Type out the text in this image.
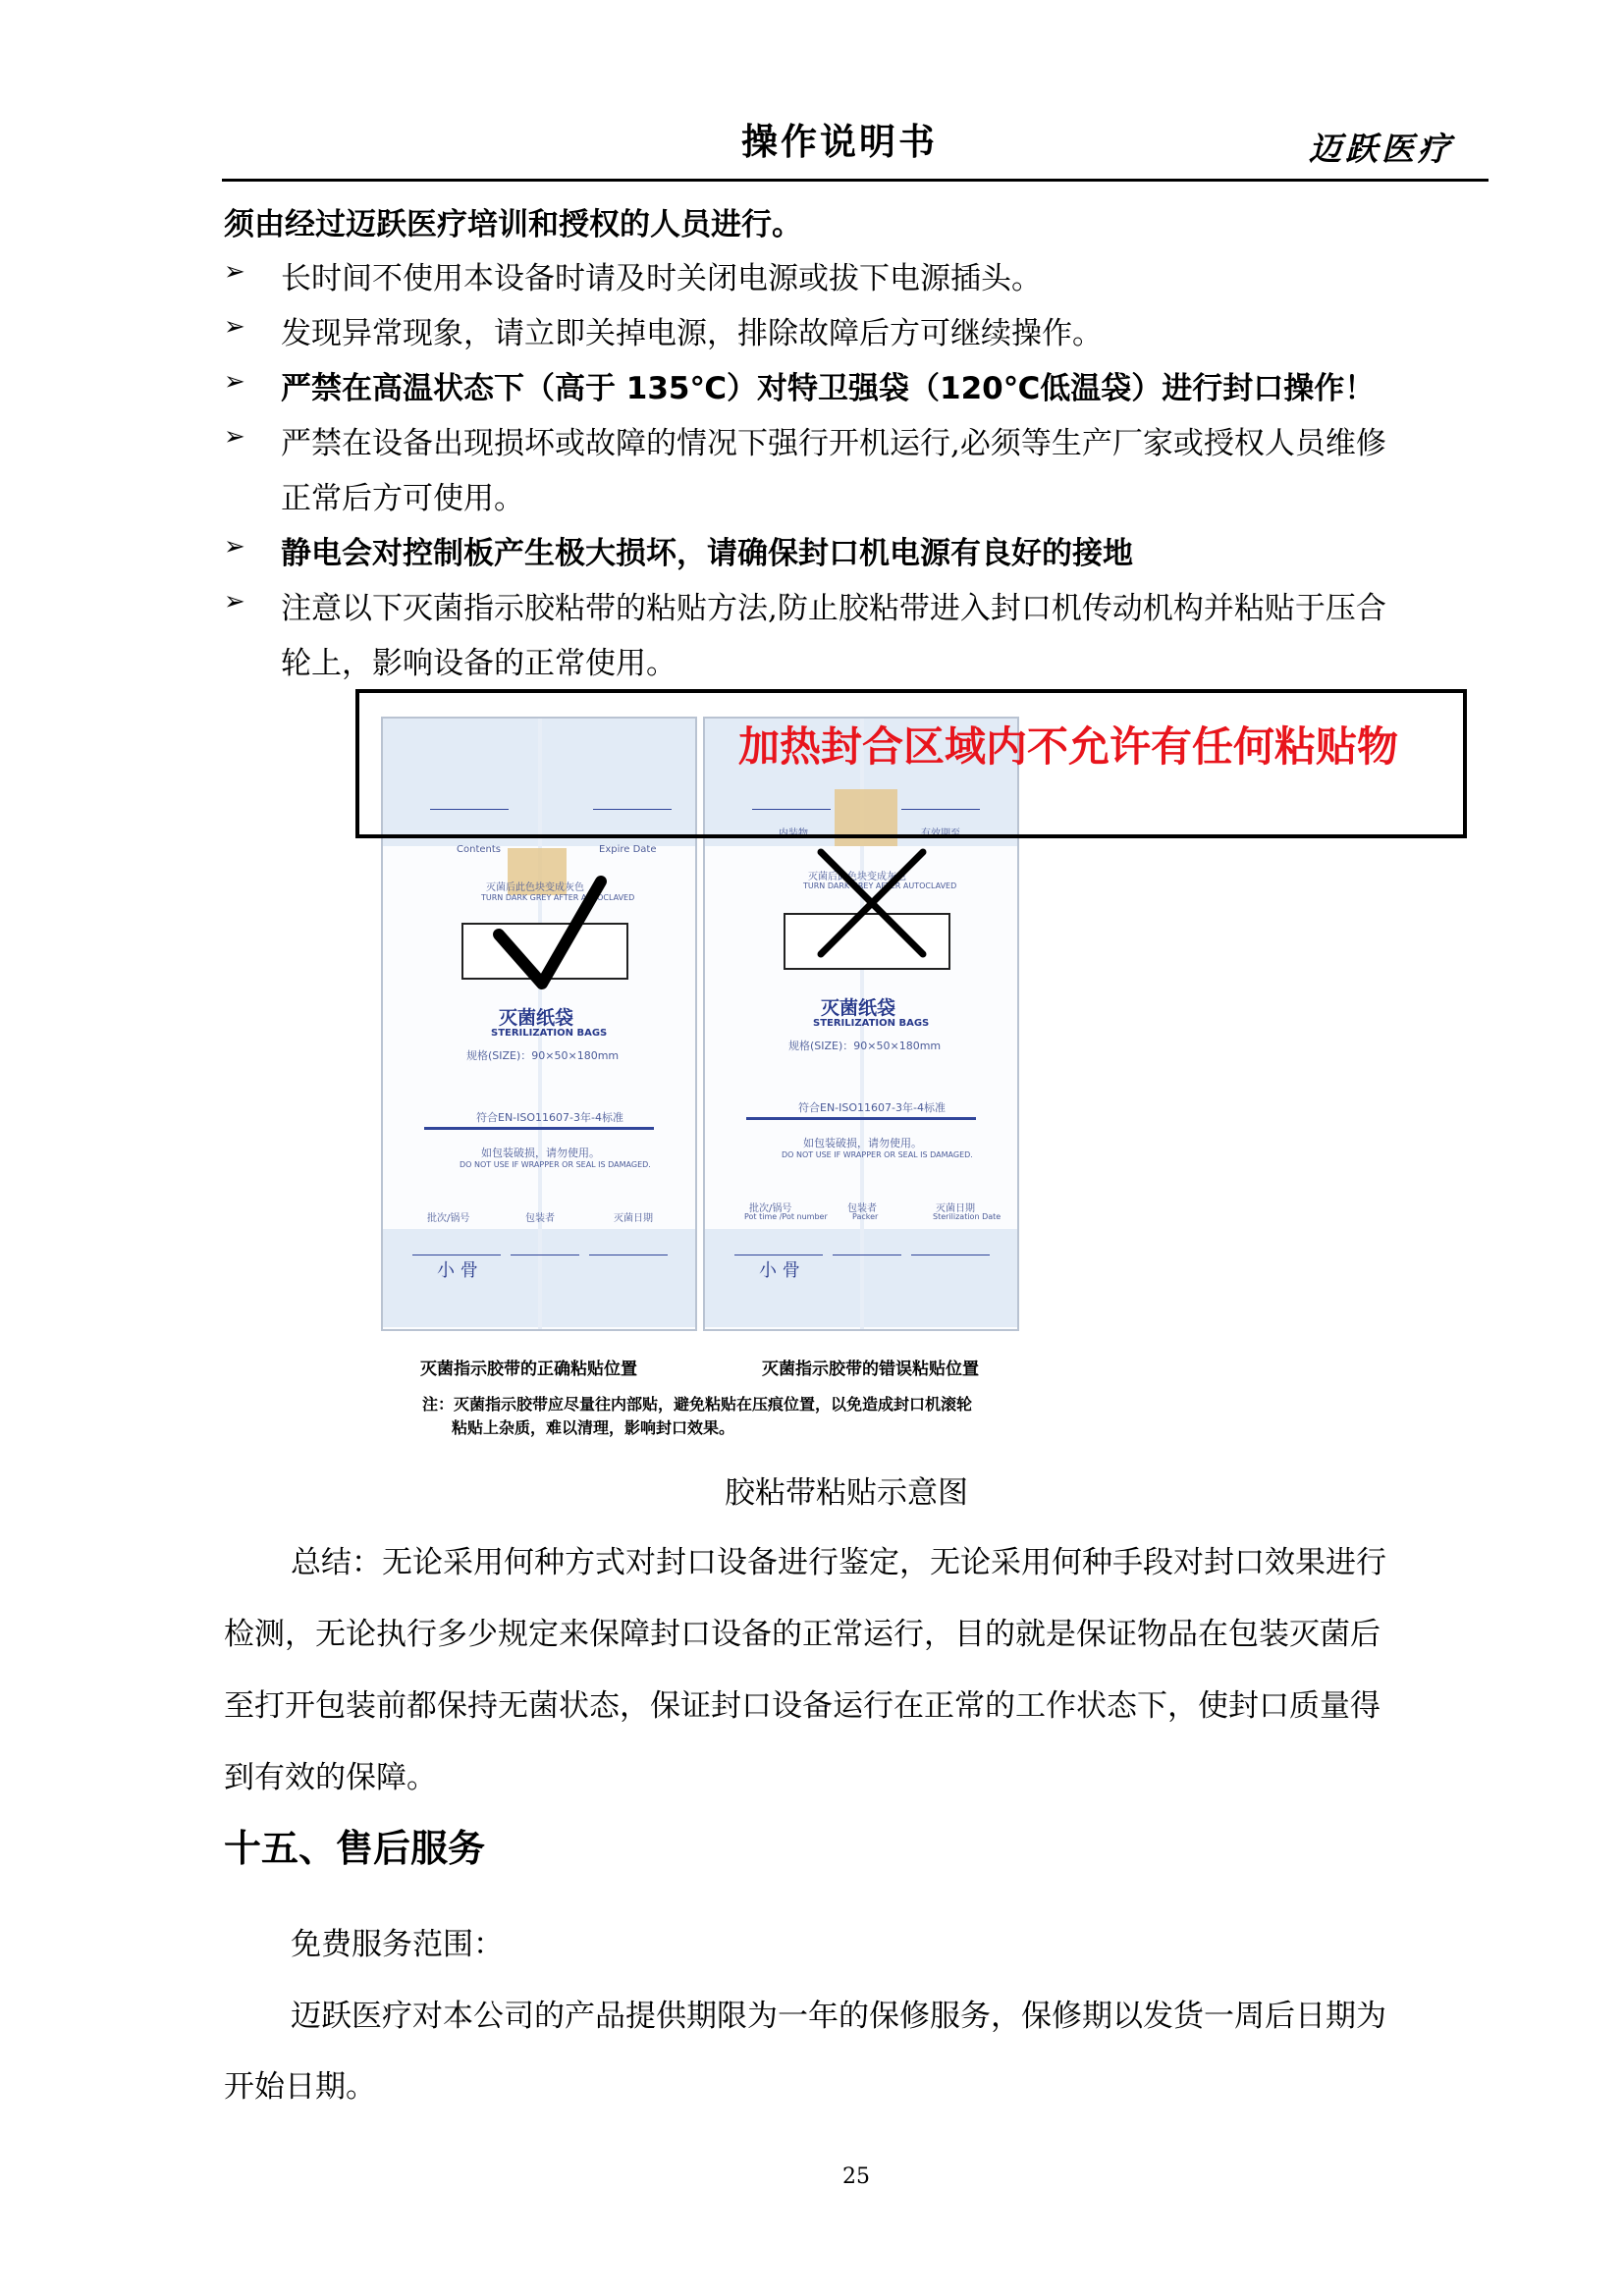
操作说明书	迈跃医疗
须由经过迈跃医疗培训和授权的人员进行。
➢ 长时间不使用本设备时请及时关闭电源或拔下电源插头。
➢ 发现异常现象，请立即关掉电源，排除故障后方可继续操作。
➢ 严禁在高温状态下（高于 135℃）对特卫强袋（120℃低温袋）进行封口操作！
➢ 严禁在设备出现损坏或故障的情况下强行开机运行,必须等生产厂家或授权人员维修
正常后方可使用。
➢ 静电会对控制板产生极大损坏，请确保封口机电源有良好的接地
➢ 注意以下灭菌指示胶粘带的粘贴方法,防止胶粘带进入封口机传动机构并粘贴于压合
轮上，影响设备的正常使用。
Contents	Expire Date
灭菌后此色块变成灰色
TURN DARK GREY AFTER AUTOCLAVED
灭菌纸袋
STERILIZATION BAGS
规格(SIZE)：90×50×180mm
符合EN-ISO11607-3年-4标准
如包装破损，请勿使用。
DO NOT USE IF WRAPPER OR SEAL IS DAMAGED.
批次/锅号	包装者	灭菌日期
小 骨
内装物	有效期至
灭菌后此色块变成灰色
TURN DARK GREY AFTER AUTOCLAVED
灭菌纸袋
STERILIZATION BAGS
规格(SIZE)：90×50×180mm
符合EN-ISO11607-3年-4标准
如包装破损，请勿使用。
DO NOT USE IF WRAPPER OR SEAL IS DAMAGED.
批次/锅号	包装者	灭菌日期
Pot time /Pot number	Packer	Sterilization Date
小 骨
加热封合区域内不允许有任何粘贴物
灭菌指示胶带的正确粘贴位置	灭菌指示胶带的错误粘贴位置
注：灭菌指示胶带应尽量往内部贴，避免粘贴在压痕位置，以免造成封口机滚轮
粘贴上杂质，难以清理，影响封口效果。
胶粘带粘贴示意图
总结：无论采用何种方式对封口设备进行鉴定，无论采用何种手段对封口效果进行
检测，无论执行多少规定来保障封口设备的正常运行，目的就是保证物品在包装灭菌后
至打开包装前都保持无菌状态，保证封口设备运行在正常的工作状态下，使封口质量得
到有效的保障。
十五、售后服务
免费服务范围：
迈跃医疗对本公司的产品提供期限为一年的保修服务，保修期以发货一周后日期为
开始日期。
25
